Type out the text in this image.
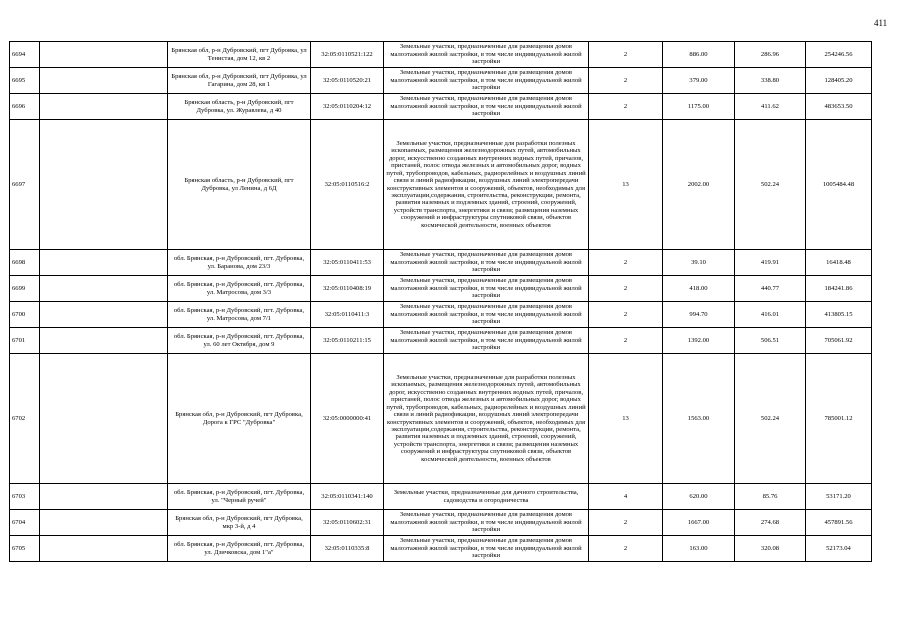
411
6694		Брянская обл, р-н Дубровский, пгт Дубровка, ул Тенистая, дом 12, кв 2	32:05:0110521:122	Земельные участки, предназначенные для размещения домов малоэтажной жилой застройки, в том числе индивидуальной жилой застройки	2	886.00	286.96	254246.56
6695		Брянская обл, р-н Дубровский, пгт Дубровка, ул Гагарина, дом 28, кв 1	32:05:0110520:21	Земельные участки, предназначенные для размещения домов малоэтажной жилой застройки, в том числе индивидуальной жилой застройки	2	379.00	338.80	128405.20
6696		Брянская область, р-н Дубровский, пгт Дубровка, ул. Журавлева, д 40	32:05:0110204:12	Земельные участки, предназначенные для размещения домов малоэтажной жилой застройки, в том числе индивидуальной жилой застройки	2	1175.00	411.62	483653.50
6697		Брянская область, р-н Дубровский, пгт Дубровка, ул Ленина, д 6Д	32:05:0110516:2	Земельные участки, предназначенные для разработки полезных ископаемых, размещения железнодорожных путей, автомобильных дорог, искусственно созданных внутренних водных путей, причалов, пристаней, полос отвода железных и автомобильных дорог, водных путей, трубопроводов, кабельных, радиорелейных и воздушных линий связи и линий радиофикации, воздушных линий электропередачи конструктивных элементов и сооружений, объектов, необходимых для эксплуатации,содержания, строительства, реконструкции, ремонта, развития наземных и подземных зданий, строений, сооружений, устройств транспорта, энергетики и связи; размещения наземных сооружений и инфраструктуры спутниковой связи, объектов космической деятельности, военных объектов	13	2002.00	502.24	1005484.48
6698		обл. Брянская, р-н Дубровский, пгт. Дубровка, ул. Баранова, дом 23/3	32:05:0110411:53	Земельные участки, предназначенные для размещения домов малоэтажной жилой застройки, в том числе индивидуальной жилой застройки	2	39.10	419.91	16418.48
6699		обл. Брянская, р-н Дубровский, пгт. Дубровка, ул. Матросова, дом 3/3	32:05:0110408:19	Земельные участки, предназначенные для размещения домов малоэтажной жилой застройки, в том числе индивидуальной жилой застройки	2	418.00	440.77	184241.86
6700		обл. Брянская, р-н Дубровский, пгт. Дубровка, ул. Матросова, дом 7/1	32:05:0110411:3	Земельные участки, предназначенные для размещения домов малоэтажной жилой застройки, в том числе индивидуальной жилой застройки	2	994.70	416.01	413805.15
6701		обл. Брянская, р-н Дубровский, пгт. Дубровка, ул. 60 лет Октября, дом 9	32:05:0110211:15	Земельные участки, предназначенные для размещения домов малоэтажной жилой застройки, в том числе индивидуальной жилой застройки	2	1392.00	506.51	705061.92
6702		Брянская обл, р-н Дубровский, пгт Дубровка, Дорога к ГРС "Дубровка"	32:05:0000000:41	Земельные участки, предназначенные для разработки полезных ископаемых, размещения железнодорожных путей, автомобильных дорог, искусственно созданных внутренних водных путей, причалов, пристаней, полос отвода железных и автомобильных дорог, водных путей, трубопроводов, кабельных, радиорелейных и воздушных линий связи и линий радиофикации, воздушных линий электропередачи конструктивных элементов и сооружений, объектов, необходимых для эксплуатации,содержания, строительства, реконструкции, ремонта, развития наземных и подземных зданий, строений, сооружений, устройств транспорта, энергетики и связи; размещения наземных сооружений и инфраструктуры спутниковой связи, объектов космической деятельности, военных объектов	13	1563.00	502.24	785001.12
6703		обл. Брянская, р-н Дубровский, пгт. Дубровка, ул. "Черный ручей"	32:05:0110341:140	Земельные участки, предназначенные для дачного строительства, садоводства и огородничества	4	620.00	85.76	53171.20
6704		Брянская обл, р-н Дубровский, пгт Дубровка, мкр 3-й, д 4	32:05:0110602:31	Земельные участки, предназначенные для размещения домов малоэтажной жилой застройки, в том числе индивидуальной жилой застройки	2	1667.00	274.68	457891.56
6705		обл. Брянская, р-н Дубровский, пгт. Дубровка, ул. Дзичковска, дом 1"а"	32:05:0110335:8	Земельные участки, предназначенные для размещения домов малоэтажной жилой застройки, в том числе индивидуальной жилой застройки	2	163.00	320.08	52173.04
